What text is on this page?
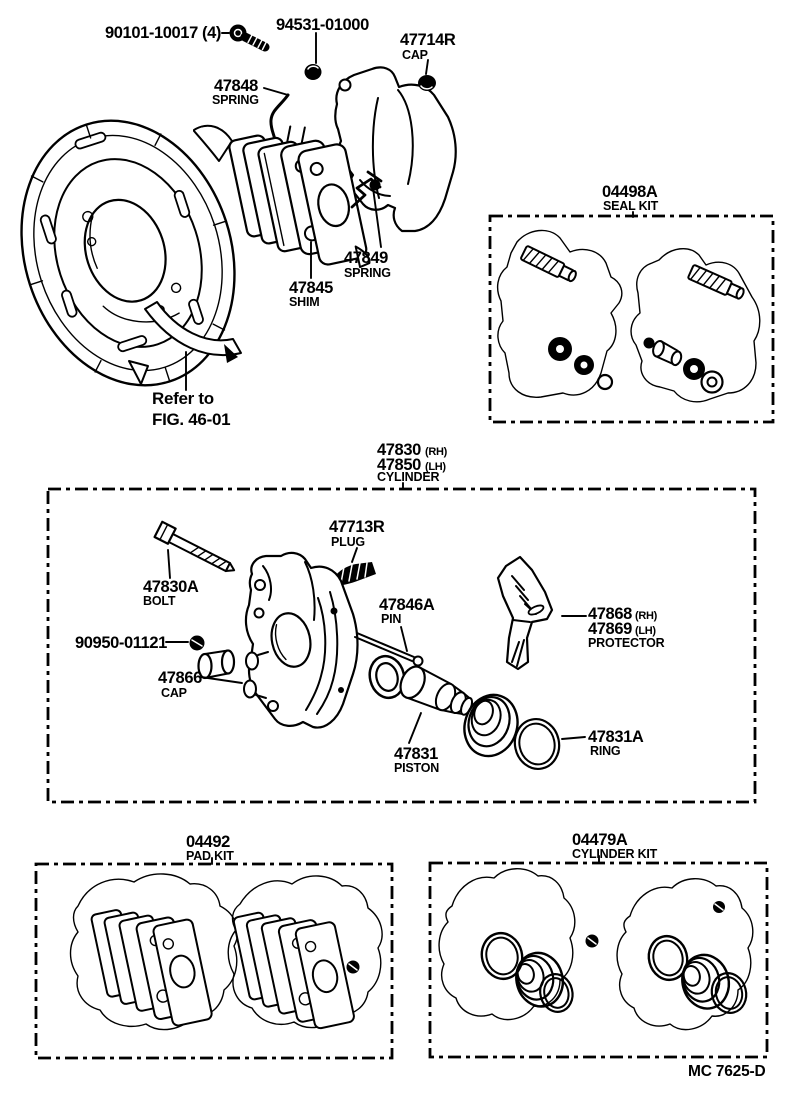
90101-10017 (4)	94531-01000
47714R
CAP
47848
SPRING
47849
SPRING
47845
SHIM
Refer to
FIG. 46-01
04498A
SEAL KIT
47830 (RH)
47850 (LH)
CYLINDER
47713R
PLUG
47830A
BOLT
90950-01121
47866
CAP
47846A
PIN	47868 (RH)
47869 (LH)
PROTECTOR
47831
PISTON
47831A
RING
04492
PAD KIT
04479A
CYLINDER KIT
MC 7625-D
